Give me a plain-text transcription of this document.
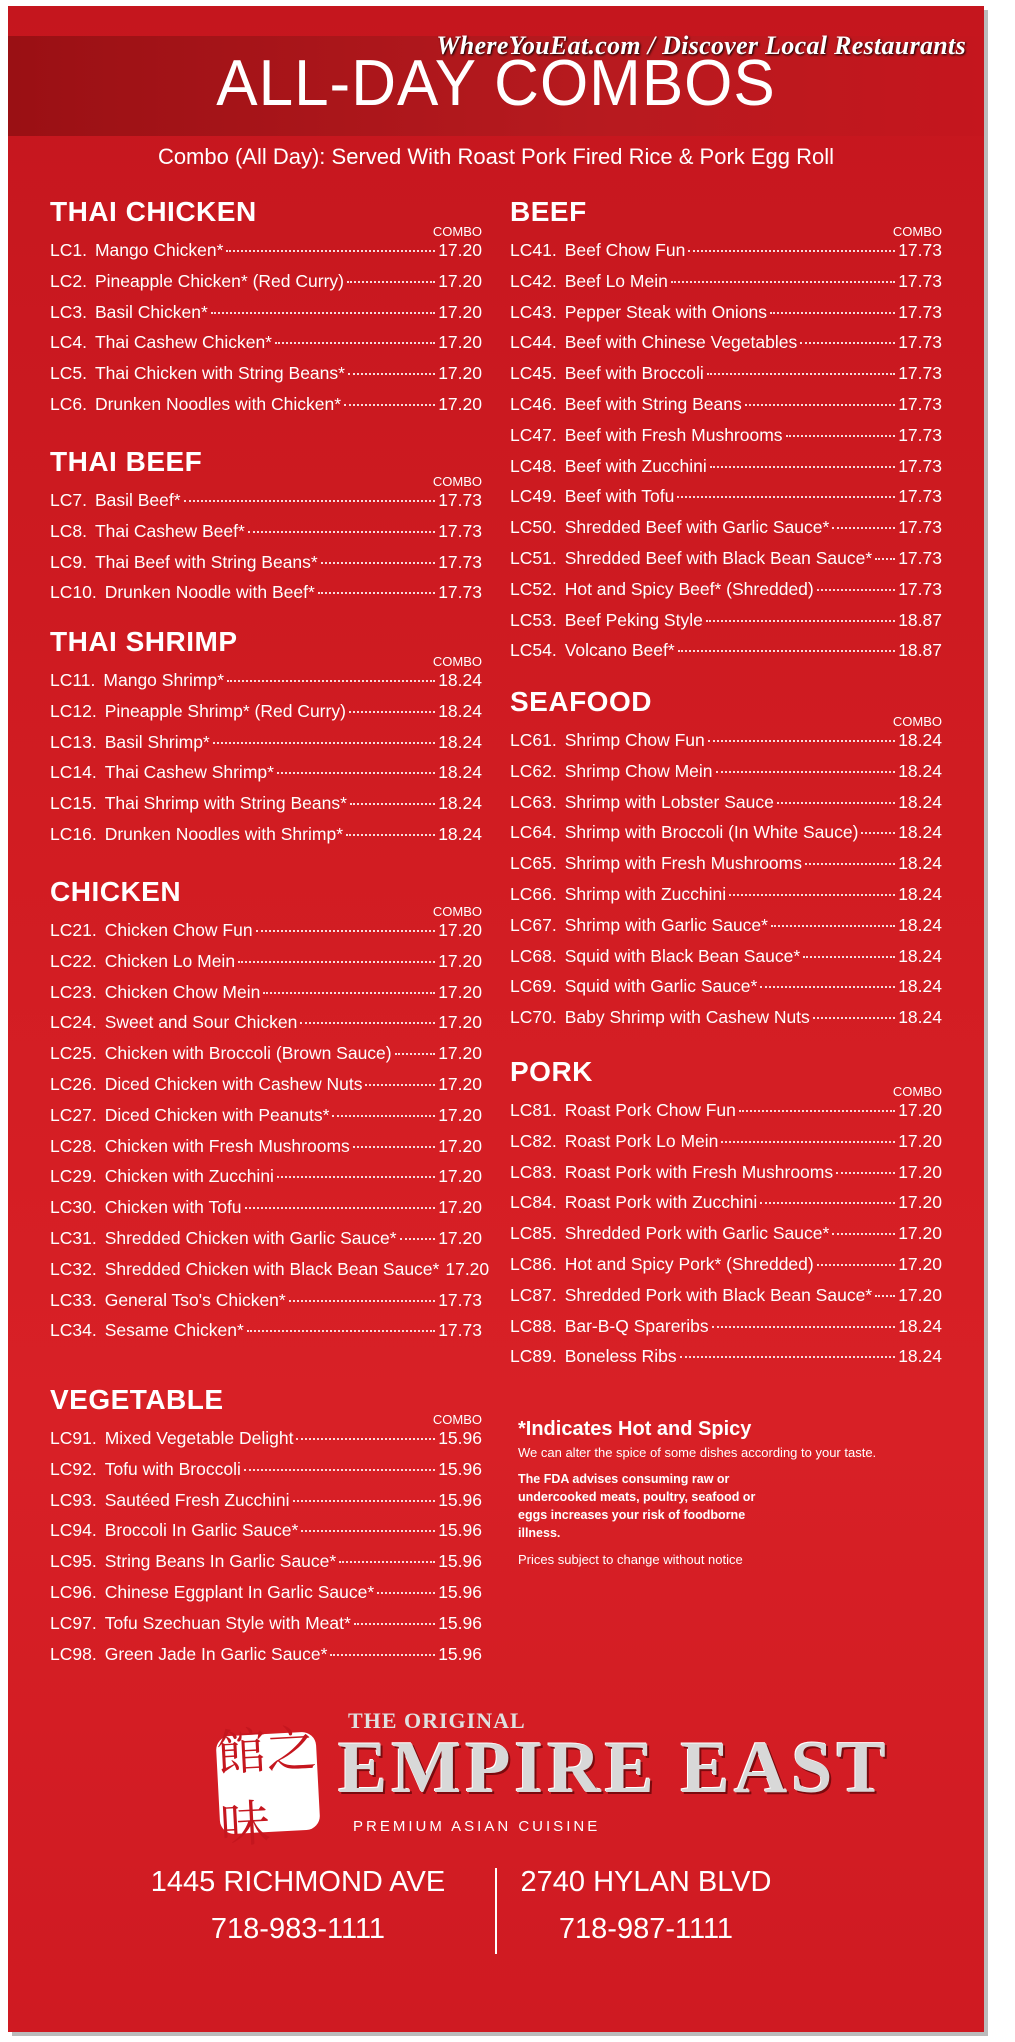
WhereYouEat.com / Discover Local Restaurants
ALL-DAY COMBOS
Combo (All Day): Served With Roast Pork Fired Rice & Pork Egg Roll
THAI CHICKEN
COMBO
LC1. Mango Chicken*	17.20
LC2. Pineapple Chicken* (Red Curry)	17.20
LC3. Basil Chicken*	17.20
LC4. Thai Cashew Chicken*	17.20
LC5. Thai Chicken with String Beans*	17.20
LC6. Drunken Noodles with Chicken*	17.20
THAI BEEF
COMBO
LC7. Basil Beef*	17.73
LC8. Thai Cashew Beef*	17.73
LC9. Thai Beef with String Beans*	17.73
LC10. Drunken Noodle with Beef*	17.73
THAI SHRIMP
COMBO
LC11. Mango Shrimp*	18.24
LC12. Pineapple Shrimp* (Red Curry)	18.24
LC13. Basil Shrimp*	18.24
LC14. Thai Cashew Shrimp*	18.24
LC15. Thai Shrimp with String Beans*	18.24
LC16. Drunken Noodles with Shrimp*	18.24
CHICKEN
COMBO
LC21. Chicken Chow Fun	17.20
LC22. Chicken Lo Mein	17.20
LC23. Chicken Chow Mein	17.20
LC24. Sweet and Sour Chicken	17.20
LC25. Chicken with Broccoli (Brown Sauce)	17.20
LC26. Diced Chicken with Cashew Nuts	17.20
LC27. Diced Chicken with Peanuts*	17.20
LC28. Chicken with Fresh Mushrooms	17.20
LC29. Chicken with Zucchini	17.20
LC30. Chicken with Tofu	17.20
LC31. Shredded Chicken with Garlic Sauce* 17.20
LC32. Shredded Chicken with Black Bean Sauce* 17.20
LC33. General Tso's Chicken*	17.73
LC34. Sesame Chicken*	17.73
VEGETABLE
COMBO
LC91. Mixed Vegetable Delight	15.96
LC92. Tofu with Broccoli	15.96
LC93. Sautéed Fresh Zucchini	15.96
LC94. Broccoli In Garlic Sauce*	15.96
LC95. String Beans In Garlic Sauce*	15.96
LC96. Chinese Eggplant In Garlic Sauce*	15.96
LC97. Tofu Szechuan Style with Meat*	15.96
LC98. Green Jade In Garlic Sauce*	15.96
BEEF
COMBO
LC41. Beef Chow Fun	17.73
LC42. Beef Lo Mein	17.73
LC43. Pepper Steak with Onions	17.73
LC44. Beef with Chinese Vegetables	17.73
LC45. Beef with Broccoli	17.73
LC46. Beef with String Beans	17.73
LC47. Beef with Fresh Mushrooms	17.73
LC48. Beef with Zucchini	17.73
LC49. Beef with Tofu	17.73
LC50. Shredded Beef with Garlic Sauce*	17.73
LC51. Shredded Beef with Black Bean Sauce* 17.73
LC52. Hot and Spicy Beef* (Shredded)	17.73
LC53. Beef Peking Style	18.87
LC54. Volcano Beef*	18.87
SEAFOOD
COMBO
LC61. Shrimp Chow Fun	18.24
LC62. Shrimp Chow Mein	18.24
LC63. Shrimp with Lobster Sauce	18.24
LC64. Shrimp with Broccoli (In White Sauce) 18.24
LC65. Shrimp with Fresh Mushrooms	18.24
LC66. Shrimp with Zucchini	18.24
LC67. Shrimp with Garlic Sauce*	18.24
LC68. Squid with Black Bean Sauce*	18.24
LC69. Squid with Garlic Sauce*	18.24
LC70. Baby Shrimp with Cashew Nuts	18.24
PORK
COMBO
LC81. Roast Pork Chow Fun	17.20
LC82. Roast Pork Lo Mein	17.20
LC83. Roast Pork with Fresh Mushrooms	17.20
LC84. Roast Pork with Zucchini	17.20
LC85. Shredded Pork with Garlic Sauce*	17.20
LC86. Hot and Spicy Pork* (Shredded)	17.20
LC87. Shredded Pork with Black Bean Sauce* 17.20
LC88. Bar-B-Q Spareribs	18.24
LC89. Boneless Ribs	18.24
*Indicates Hot and Spicy
We can alter the spice of some dishes according to your taste.
The FDA advises consuming raw or undercooked meats, poultry, seafood or eggs increases your risk of foodborne illness.
Prices subject to change without notice
館之味
THE ORIGINAL
EMPIRE EAST
PREMIUM ASIAN CUISINE
1445 RICHMOND AVE
718-983-1111
2740 HYLAN BLVD
718-987-1111
